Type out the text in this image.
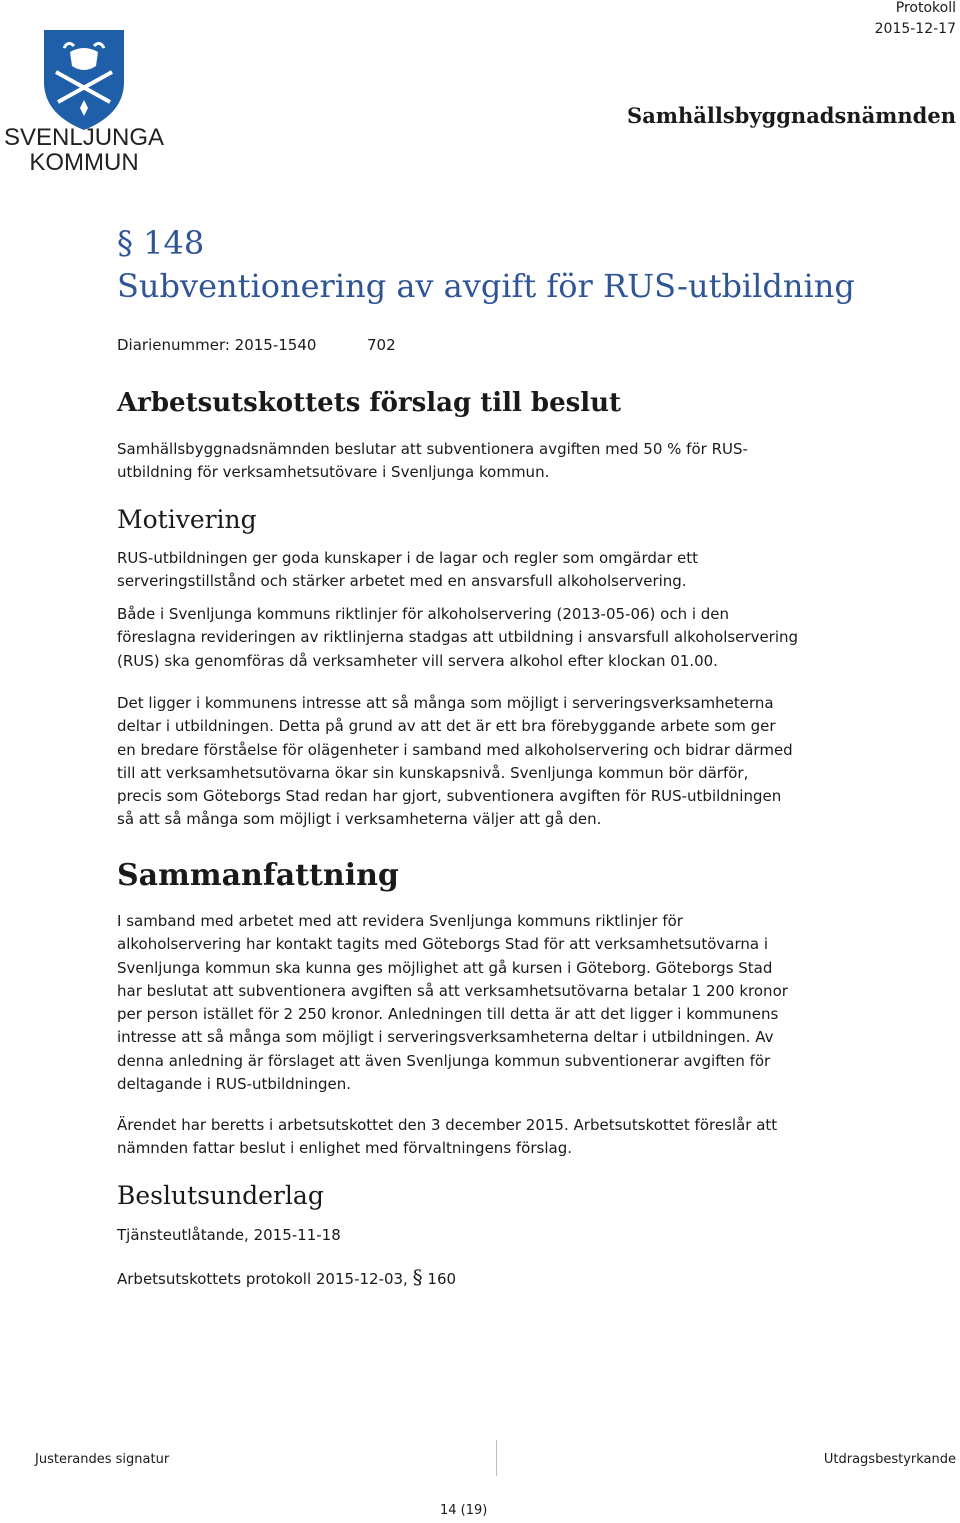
Protokoll
2015-12-17
Samhällsbyggnadsnämnden
SVENLJUNGA
KOMMUN
§ 148
Subventionering av avgift för RUS-utbildning
Diarienummer: 2015-1540	702
Arbetsutskottets förslag till beslut
Samhällsbyggnadsnämnden beslutar att subventionera avgiften med 50 % för RUS-
utbildning för verksamhetsutövare i Svenljunga kommun.
Motivering
RUS-utbildningen ger goda kunskaper i de lagar och regler som omgärdar ett
serveringstillstånd och stärker arbetet med en ansvarsfull alkoholservering.
Både i Svenljunga kommuns riktlinjer för alkoholservering (2013-05-06) och i den
föreslagna revideringen av riktlinjerna stadgas att utbildning i ansvarsfull alkoholservering
(RUS) ska genomföras då verksamheter vill servera alkohol efter klockan 01.00.
Det ligger i kommunens intresse att så många som möjligt i serveringsverksamheterna
deltar i utbildningen. Detta på grund av att det är ett bra förebyggande arbete som ger
en bredare förståelse för olägenheter i samband med alkoholservering och bidrar därmed
till att verksamhetsutövarna ökar sin kunskapsnivå. Svenljunga kommun bör därför,
precis som Göteborgs Stad redan har gjort, subventionera avgiften för RUS-utbildningen
så att så många som möjligt i verksamheterna väljer att gå den.
Sammanfattning
I samband med arbetet med att revidera Svenljunga kommuns riktlinjer för
alkoholservering har kontakt tagits med Göteborgs Stad för att verksamhetsutövarna i
Svenljunga kommun ska kunna ges möjlighet att gå kursen i Göteborg. Göteborgs Stad
har beslutat att subventionera avgiften så att verksamhetsutövarna betalar 1 200 kronor
per person istället för 2 250 kronor. Anledningen till detta är att det ligger i kommunens
intresse att så många som möjligt i serveringsverksamheterna deltar i utbildningen. Av
denna anledning är förslaget att även Svenljunga kommun subventionerar avgiften för
deltagande i RUS-utbildningen.
Ärendet har beretts i arbetsutskottet den 3 december 2015. Arbetsutskottet föreslår att
nämnden fattar beslut i enlighet med förvaltningens förslag.
Beslutsunderlag
Tjänsteutlåtande, 2015-11-18
Arbetsutskottets protokoll 2015-12-03, § 160
Justerandes signatur	Utdragsbestyrkande
14 (19)
